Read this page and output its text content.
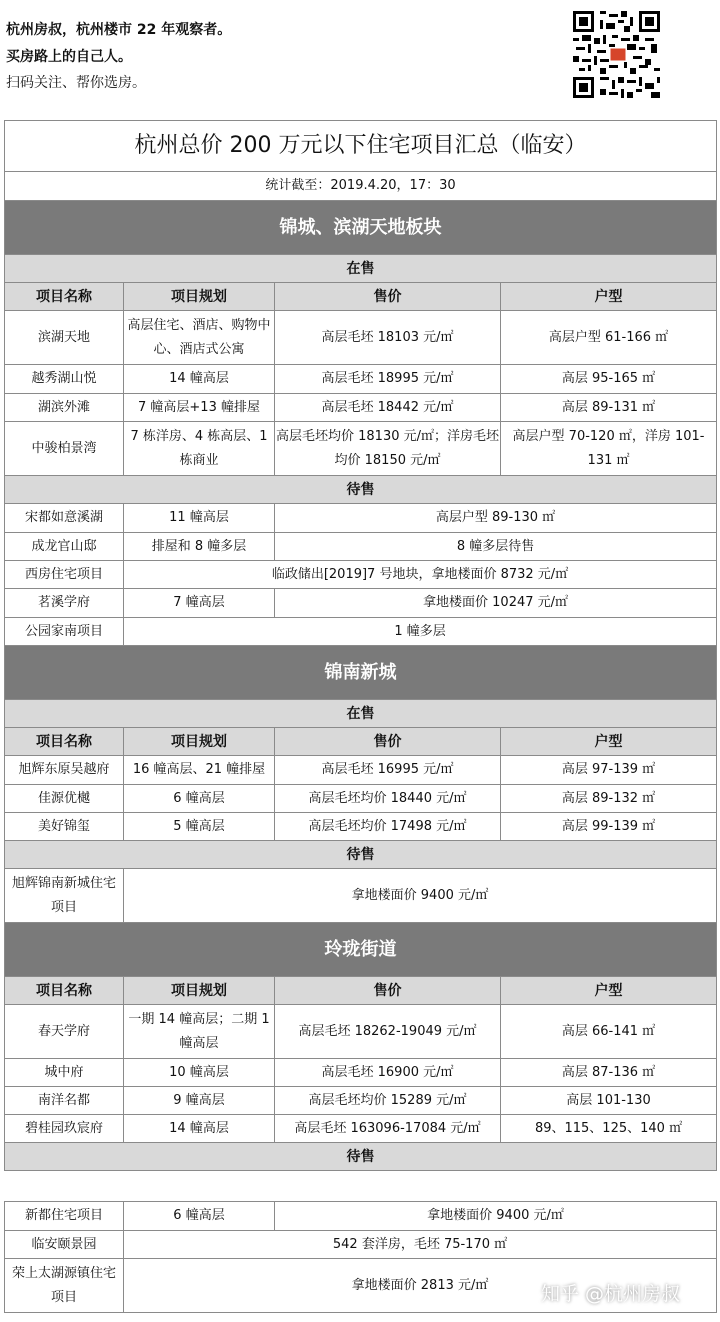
杭州房叔，杭州楼市 22 年观察者。
买房路上的自己人。
扫码关注、帮你选房。
杭州总价 200 万元以下住宅项目汇总（临安）			
统计截至：2019.4.20，17：30			
锦城、滨湖天地板块			
在售			
项目名称	项目规划	售价	户型
滨湖天地	高层住宅、酒店、购物中心、酒店式公寓	高层毛坯 18103 元/㎡	高层户型 61-166 ㎡
越秀湖山悦	14 幢高层	高层毛坯 18995 元/㎡	高层 95-165 ㎡
湖滨外滩	7 幢高层+13 幢排屋	高层毛坯 18442 元/㎡	高层 89-131 ㎡
中骏柏景湾	7 栋洋房、4 栋高层、1 栋商业	高层毛坯均价 18130 元/㎡；洋房毛坯均价 18150 元/㎡	高层户型 70-120 ㎡，洋房 101-131 ㎡
待售			
宋都如意溪湖	11 幢高层	高层户型 89-130 ㎡	
成龙官山邸	排屋和 8 幢多层	8 幢多层待售	
西房住宅项目	临政储出[2019]7 号地块，拿地楼面价 8732 元/㎡		
茗溪学府	7 幢高层	拿地楼面价 10247 元/㎡	
公园家南项目	1 幢多层		
锦南新城			
在售			
项目名称	项目规划	售价	户型
旭辉东原吴越府	16 幢高层、21 幢排屋	高层毛坯 16995 元/㎡	高层 97-139 ㎡
佳源优樾	6 幢高层	高层毛坯均价 18440 元/㎡	高层 89-132 ㎡
美好锦玺	5 幢高层	高层毛坯均价 17498 元/㎡	高层 99-139 ㎡
待售			
旭辉锦南新城住宅项目	拿地楼面价 9400 元/㎡		
玲珑街道			
项目名称	项目规划	售价	户型
春天学府	一期 14 幢高层；二期 1 幢高层	高层毛坯 18262-19049 元/㎡	高层 66-141 ㎡
城中府	10 幢高层	高层毛坯 16900 元/㎡	高层 87-136 ㎡
南洋名都	9 幢高层	高层毛坯均价 15289 元/㎡	高层 101-130
碧桂园玖宸府	14 幢高层	高层毛坯 163096-17084 元/㎡	89、115、125、140 ㎡
待售			
新都住宅项目	6 幢高层	拿地楼面价 9400 元/㎡
临安颐景园	542 套洋房，毛坯 75-170 ㎡	
荣上太湖源镇住宅项目	拿地楼面价 2813 元/㎡		知乎 @杭州房叔
